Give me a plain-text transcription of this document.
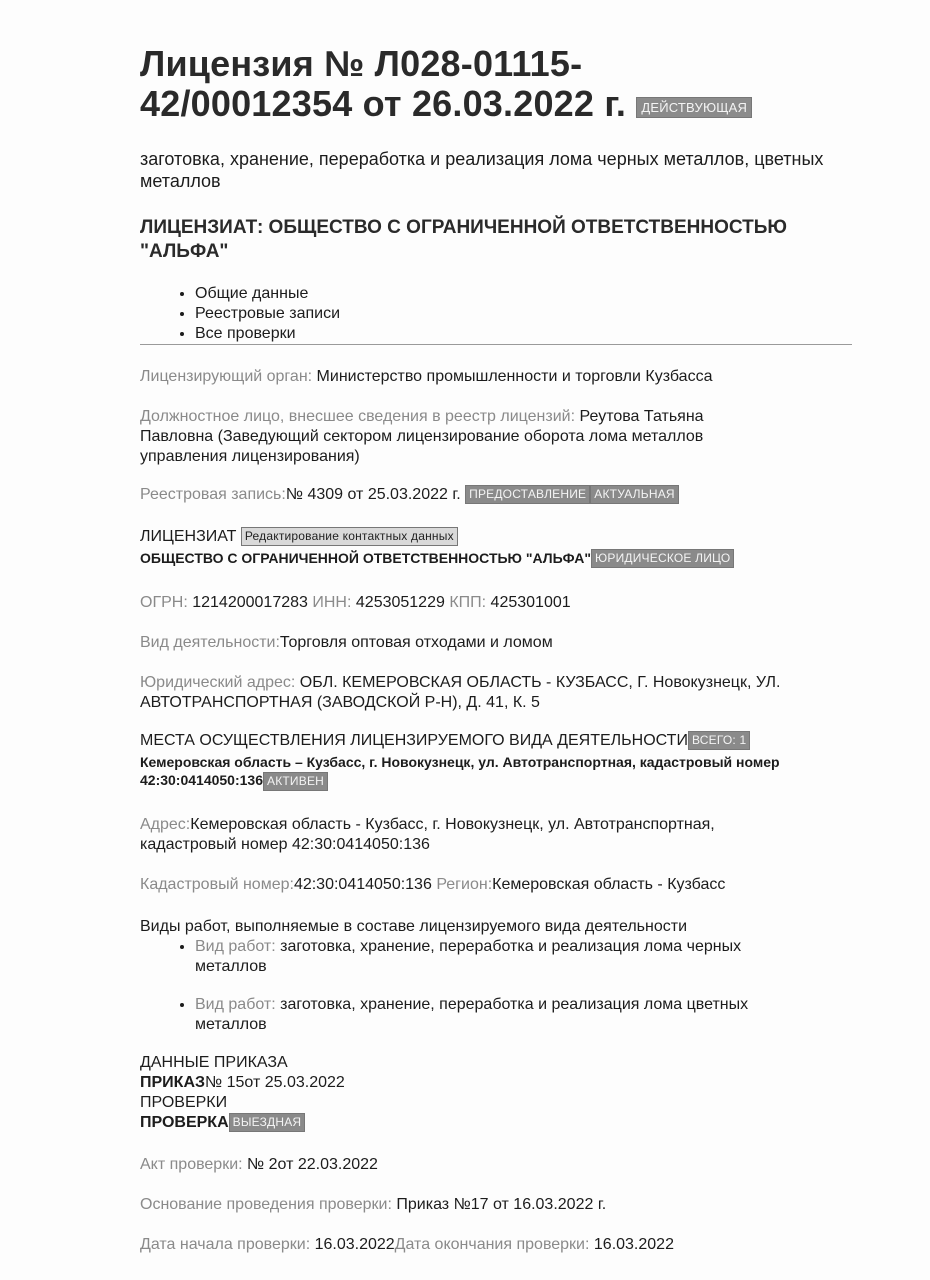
Лицензия № Л028-01115-
42/00012354 от 26.03.2022 г. ДЕЙСТВУЮЩАЯ
заготовка, хранение, переработка и реализация лома черных металлов, цветных металлов
ЛИЦЕНЗИАТ: ОБЩЕСТВО С ОГРАНИЧЕННОЙ ОТВЕТСТВЕННОСТЬЮ "АЛЬФА"
• Общие данные
• Реестровые записи
• Все проверки
Лицензирующий орган: Министерство промышленности и торговли Кузбасса
Должностное лицо, внесшее сведения в реестр лицензий: Реутова Татьяна Павловна (Заведующий сектором лицензирование оборота лома металлов управления лицензирования)
Реестровая запись:№ 4309 от 25.03.2022 г. ПРЕДОСТАВЛЕНИЕ АКТУАЛЬНАЯ
ЛИЦЕНЗИАТ Редактирование контактных данных
ОБЩЕСТВО С ОГРАНИЧЕННОЙ ОТВЕТСТВЕННОСТЬЮ "АЛЬФА" ЮРИДИЧЕСКОЕ ЛИЦО
ОГРН: 1214200017283 ИНН: 4253051229 КПП: 425301001
Вид деятельности:Торговля оптовая отходами и ломом
Юридический адрес: ОБЛ. КЕМЕРОВСКАЯ ОБЛАСТЬ - КУЗБАСС, Г. Новокузнецк, УЛ. АВТОТРАНСПОРТНАЯ (ЗАВОДСКОЙ Р-Н), Д. 41, К. 5
МЕСТА ОСУЩЕСТВЛЕНИЯ ЛИЦЕНЗИРУЕМОГО ВИДА ДЕЯТЕЛЬНОСТИ ВСЕГО: 1
Кемеровская область – Кузбасс, г. Новокузнецк, ул. Автотранспортная, кадастровый номер 42:30:0414050:136 АКТИВЕН
Адрес:Кемеровская область - Кузбасс, г. Новокузнецк, ул. Автотранспортная, кадастровый номер 42:30:0414050:136
Кадастровый номер:42:30:0414050:136 Регион:Кемеровская область - Кузбасс
Виды работ, выполняемые в составе лицензируемого вида деятельности
• Вид работ: заготовка, хранение, переработка и реализация лома черных металлов
• Вид работ: заготовка, хранение, переработка и реализация лома цветных металлов
ДАННЫЕ ПРИКАЗА
ПРИКАЗ№ 15от 25.03.2022
ПРОВЕРКИ
ПРОВЕРКА ВЫЕЗДНАЯ
Акт проверки: № 2от 22.03.2022
Основание проведения проверки: Приказ №17 от 16.03.2022 г.
Дата начала проверки: 16.03.2022Дата окончания проверки: 16.03.2022
